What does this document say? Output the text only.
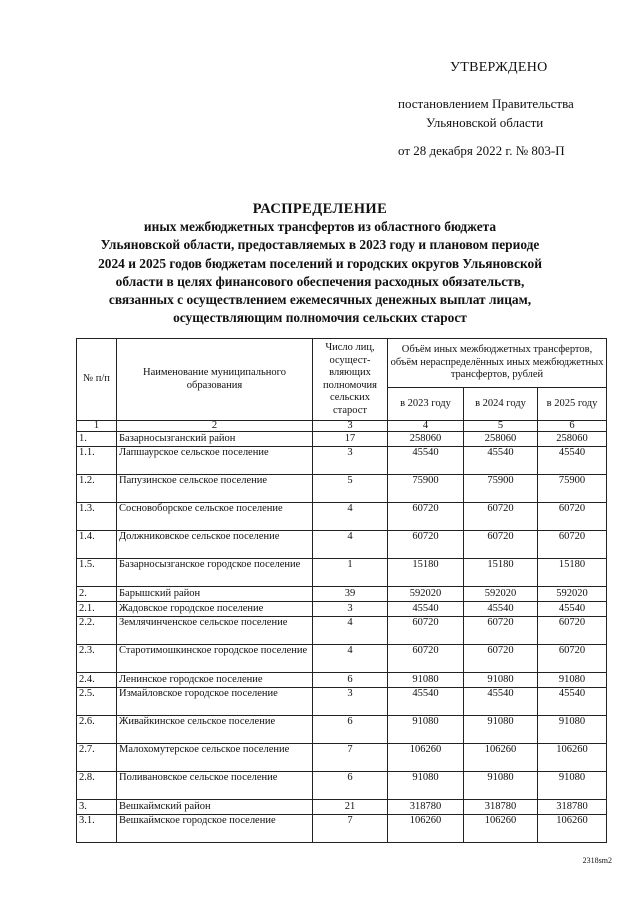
УТВЕРЖДЕНО
постановлением Правительства
Ульяновской области
от 28 декабря 2022 г. № 803-П
РАСПРЕДЕЛЕНИЕ
иных межбюджетных трансфертов из областного бюджета
Ульяновской области, предоставляемых в 2023 году и плановом периоде
2024 и 2025 годов бюджетам поселений и городских округов Ульяновской
области в целях финансового обеспечения расходных обязательств,
связанных с осуществлением ежемесячных денежных выплат лицам,
осуществляющим полномочия сельских старост
№ п/п	Наименование муниципального образования	Число лиц, осущест-вляющих полномочия сельских старост	Объём иных межбюджетных трансфертов, объём нераспределённых иных межбюджетных трансфертов, рублей		
			в 2023 году	в 2024 году	в 2025 году
1	2	3	4	5	6
1.	Базарносызганский район	17	258060	258060	258060
1.1.	Лапшаурское сельское поселение	3	45540	45540	45540
1.2.	Папузинское сельское поселение	5	75900	75900	75900
1.3.	Сосновоборское сельское поселение	4	60720	60720	60720
1.4.	Должниковское сельское поселение	4	60720	60720	60720
1.5.	Базарносызганское городское поселение	1	15180	15180	15180
2.	Барышский район	39	592020	592020	592020
2.1.	Жадовское городское поселение	3	45540	45540	45540
2.2.	Землячинченское сельское поселение	4	60720	60720	60720
2.3.	Старотимошкинское городское поселение	4	60720	60720	60720
2.4.	Ленинское городское поселение	6	91080	91080	91080
2.5.	Измайловское городское поселение	3	45540	45540	45540
2.6.	Живайкинское сельское поселение	6	91080	91080	91080
2.7.	Малохомутерское сельское поселение	7	106260	106260	106260
2.8.	Поливановское сельское поселение	6	91080	91080	91080
3.	Вешкаймский район	21	318780	318780	318780
3.1.	Вешкаймское городское поселение	7	106260	106260	106260
2318sm2
